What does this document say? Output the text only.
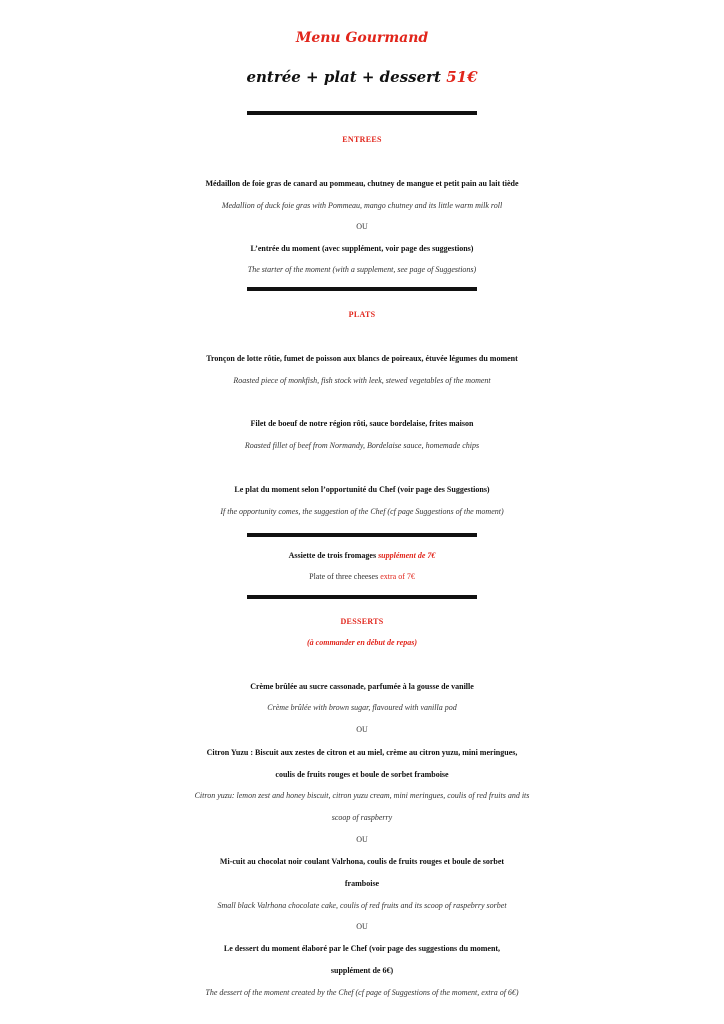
Menu Gourmand
entrée + plat + dessert 51€
ENTREES
Médaillon de foie gras de canard au pommeau, chutney de mangue et petit pain au lait tiède
Medallion of duck foie gras with Pommeau, mango chutney and its little warm milk roll
OU
L’entrée du moment (avec supplément, voir page des suggestions)
The starter of the moment (with a supplement, see page of Suggestions)
PLATS
Tronçon de lotte rôtie, fumet de poisson aux blancs de poireaux, étuvée légumes du moment
Roasted piece of monkfish, fish stock with leek, stewed vegetables of the moment
Filet de boeuf de notre région rôti, sauce bordelaise, frites maison
Roasted fillet of beef from Normandy, Bordelaise sauce, homemade chips
Le plat du moment selon l’opportunité du Chef (voir page des Suggestions)
If the opportunity comes, the suggestion of the Chef (cf page Suggestions of the moment)
Assiette de trois fromages supplément de 7€
Plate of three cheeses extra of 7€
DESSERTS
(à commander en début de repas)
Crème brûlée au sucre cassonade, parfumée à la gousse de vanille
Crème brûlée with brown sugar, flavoured with vanilla pod
OU
Citron Yuzu : Biscuit aux zestes de citron et au miel, crème au citron yuzu, mini meringues,
coulis de fruits rouges et boule de sorbet framboise
Citron yuzu: lemon zest and honey biscuit, citron yuzu cream, mini meringues, coulis of red fruits and its
scoop of raspberry
OU
Mi-cuit au chocolat noir coulant Valrhona, coulis de fruits rouges et boule de sorbet
framboise
Small black Valrhona chocolate cake, coulis of red fruits and its scoop of raspebrry sorbet
OU
Le dessert du moment élaboré par le Chef (voir page des suggestions du moment,
supplément de 6€)
The dessert of the moment created by the Chef (cf page of Suggestions of the moment, extra of 6€)
